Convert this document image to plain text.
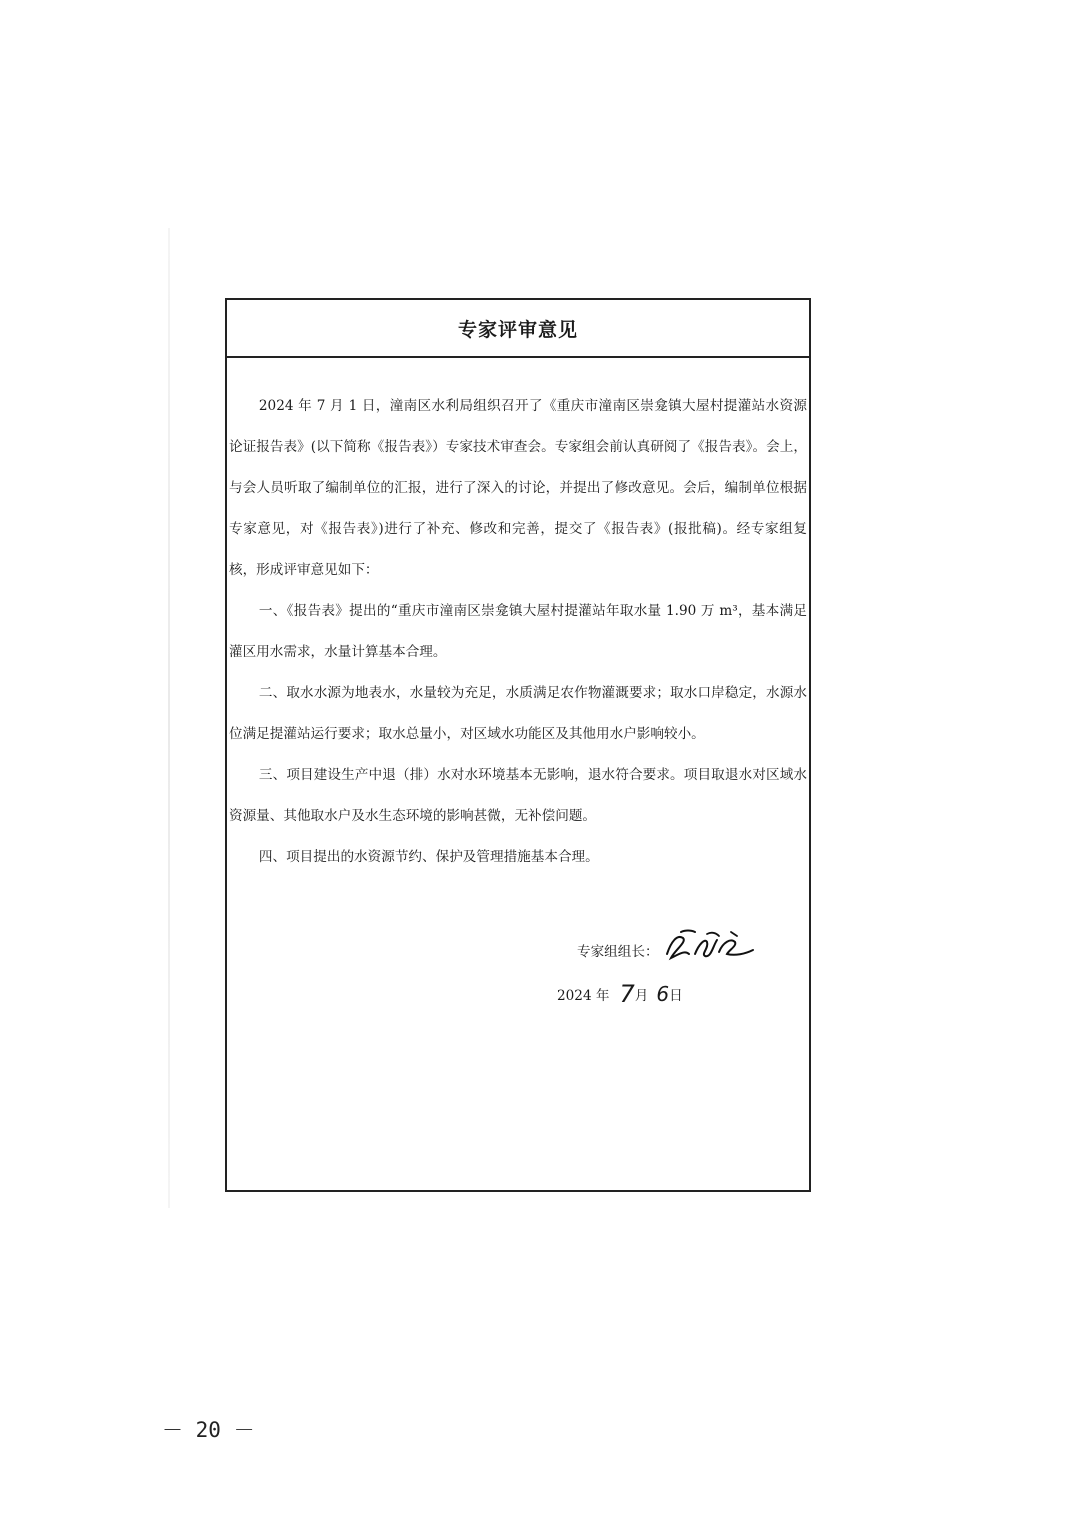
专家评审意见

2024 年 7 月 1 日，潼南区水利局组织召开了《重庆市潼南区崇龛镇大屋村提灌站水资源论证报告表》(以下简称《报告表》）专家技术审查会。专家组会前认真研阅了《报告表》。会上，与会人员听取了编制单位的汇报，进行了深入的讨论，并提出了修改意见。会后，编制单位根据专家意见，对《报告表》)进行了补充、修改和完善，提交了《报告表》(报批稿)。经专家组复核，形成评审意见如下：

一、《报告表》提出的“重庆市潼南区崇龛镇大屋村提灌站年取水量 1.90 万 m³，基本满足灌区用水需求，水量计算基本合理。

二、取水水源为地表水，水量较为充足，水质满足农作物灌溉要求；取水口岸稳定，水源水位满足提灌站运行要求；取水总量小，对区域水功能区及其他用水户影响较小。

三、项目建设生产中退（排）水对水环境基本无影响，退水符合要求。项目取退水对区域水资源量、其他取水户及水生态环境的影响甚微，无补偿问题。

四、项目提出的水资源节约、保护及管理措施基本合理。

专家组组长：
2024 年 7 月 6 日
－ 20 －
